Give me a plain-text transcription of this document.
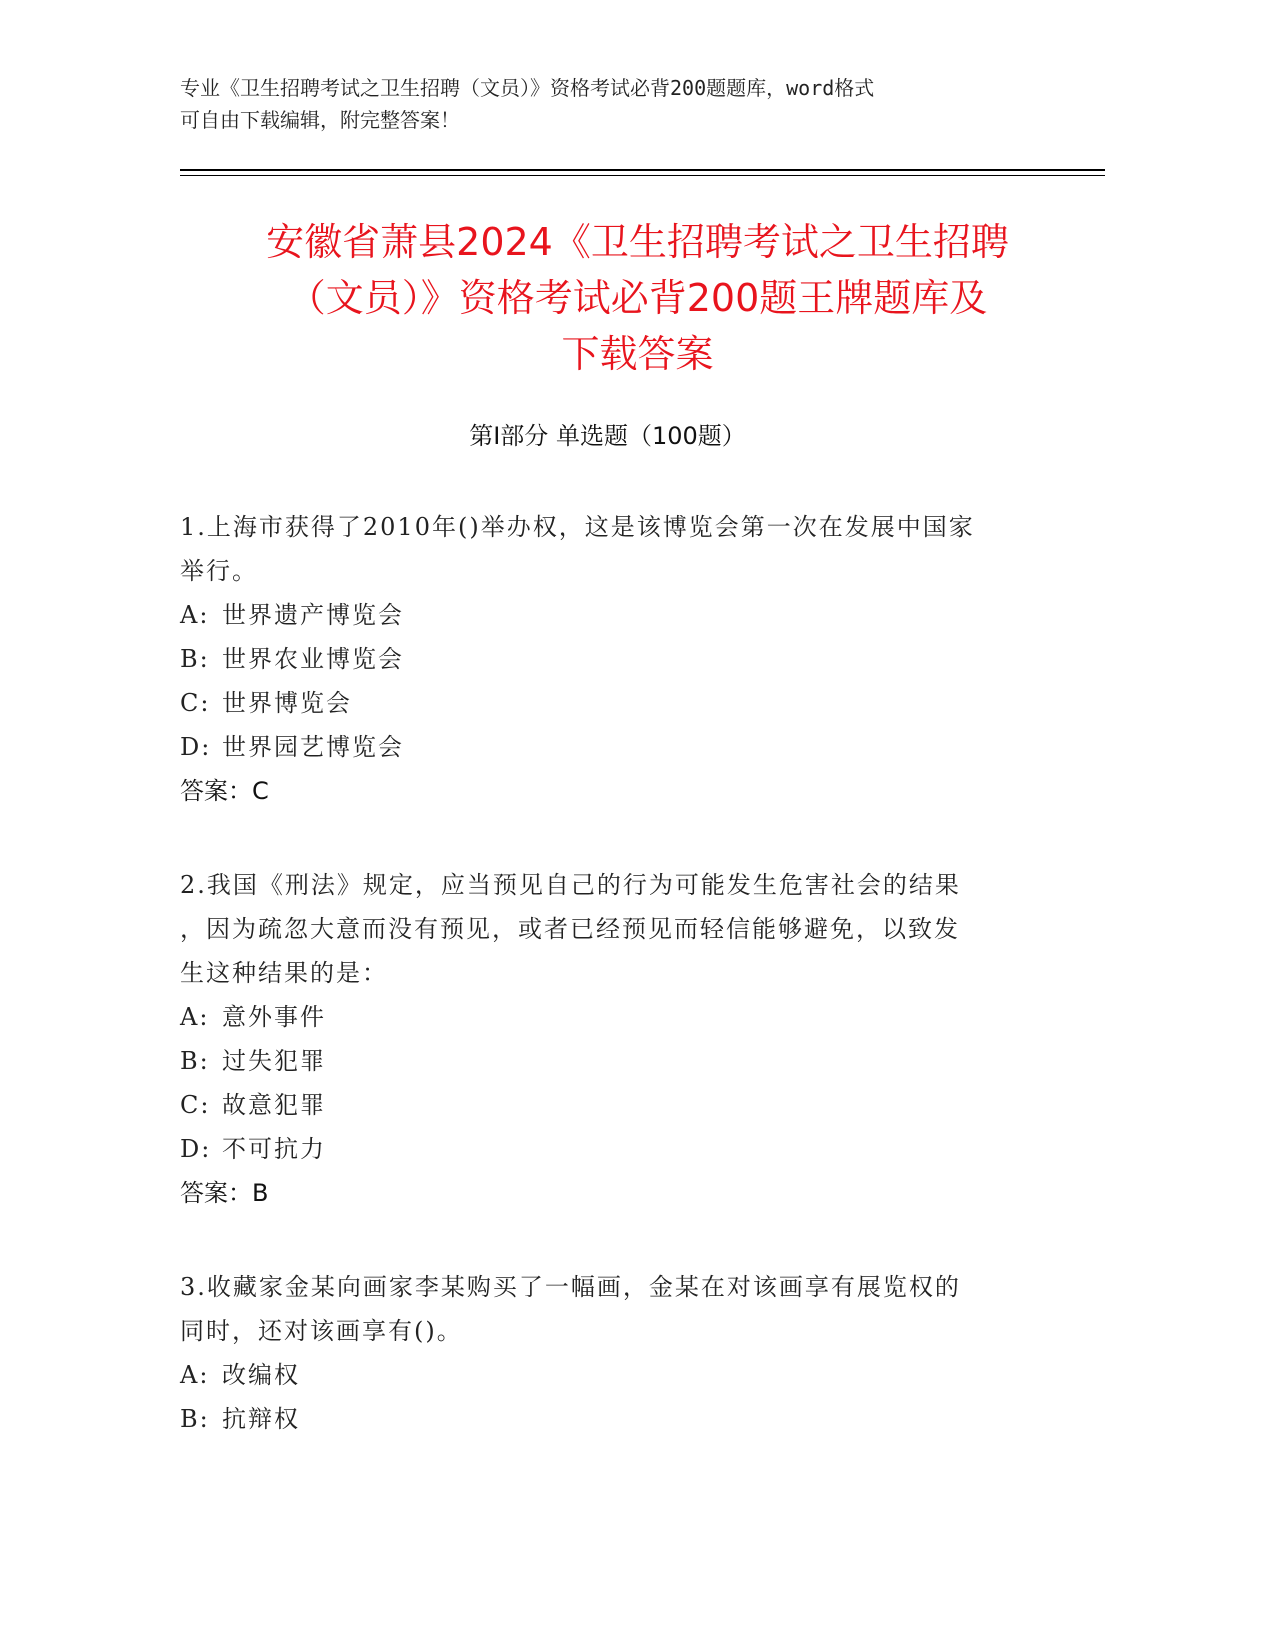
专业《卫生招聘考试之卫生招聘（文员）》资格考试必背200题题库，word格式
可自由下载编辑，附完整答案！
安徽省萧县2024《卫生招聘考试之卫生招聘
（文员）》资格考试必背200题王牌题库及
下载答案
第Ⅰ部分 单选题（100题）
1.上海市获得了2010年()举办权，这是该博览会第一次在发展中国家
举行。
A: 世界遗产博览会
B: 世界农业博览会
C: 世界博览会
D: 世界园艺博览会
答案：C
2.我国《刑法》规定，应当预见自己的行为可能发生危害社会的结果
，因为疏忽大意而没有预见，或者已经预见而轻信能够避免，以致发
生这种结果的是：
A: 意外事件
B: 过失犯罪
C: 故意犯罪
D: 不可抗力
答案：B
3.收藏家金某向画家李某购买了一幅画，金某在对该画享有展览权的
同时，还对该画享有()。
A: 改编权
B: 抗辩权
